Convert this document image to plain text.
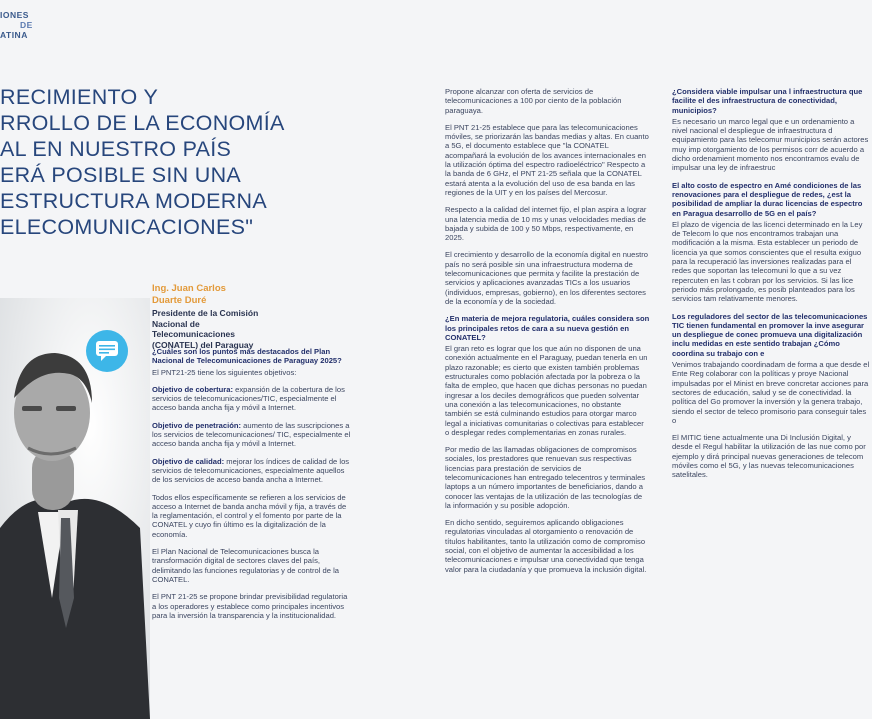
IONES
DE
ATINA
RECIMIENTO Y
RROLLO DE LA ECONOMÍA
AL EN NUESTRO PAÍS
ERÁ POSIBLE SIN UNA
ESTRUCTURA MODERNA
ELECOMUNICACIONES"
Ing. Juan Carlos
Duarte Duré
Presidente de la Comisión Nacional de Telecomunicaciones (CONATEL) del Paraguay

¿Cuáles son los puntos más destacados del Plan Nacional de Telecomunicaciones de Paraguay 2025?

El PNT21-25 tiene los siguientes objetivos:

Objetivo de cobertura: expansión de la cobertura de los servicios de telecomunicaciones/TIC, especialmente el acceso banda ancha fija y móvil a Internet.

Objetivo de penetración: aumento de las suscripciones a los servicios de telecomunicaciones/ TIC, especialmente el acceso banda ancha fija y móvil a Internet.

Objetivo de calidad: mejorar los índices de calidad de los servicios de telecomunicaciones, especialmente aquellos de los servicios de acceso banda ancha a Internet.

Todos ellos específicamente se refieren a los servicios de acceso a Internet de banda ancha móvil y fija, a través de la reglamentación, el control y el fomento por parte de la CONATEL y cuyo fin último es la digitalización de la economía.

El Plan Nacional de Telecomunicaciones busca la transformación digital de sectores claves del país, delimitando las funciones regulatorias y de control de la CONATEL.

El PNT 21-25 se propone brindar previsibilidad regulatoria a los operadores y establece como principales incentivos para la inversión la transparencia y la institucionalidad.

Propone alcanzar con oferta de servicios de telecomunicaciones a 100 por ciento de la población paraguaya.

El PNT 21-25 establece que para las telecomunicaciones móviles, se priorizarán las bandas medias y altas. En cuanto a 5G, el documento establece que "la CONATEL acompañará la evolución de los avances internacionales en la utilización óptima del espectro radioeléctrico" Respecto a la banda de 6 GHz, el PNT 21-25 señala que la CONATEL estará atenta a la evolución del uso de esa banda en las regiones de la UIT y en los países del Mercosur.

Respecto a la calidad del internet fijo, el plan aspira a lograr una latencia media de 10 ms y unas velocidades medias de bajada y subida de 100 y 50 Mbps, respectivamente, en 2025.

El crecimiento y desarrollo de la economía digital en nuestro país no será posible sin una infraestructura moderna de telecomunicaciones que permita y facilite la prestación de servicios y aplicaciones avanzadas TICs a los usuarios (individuos, empresas, gobierno), en los diferentes sectores de la economía y de la sociedad.

¿En materia de mejora regulatoria, cuáles considera son los principales retos de cara a su nueva gestión en CONATEL?

El gran reto es lograr que los que aún no disponen de una conexión actualmente en el Paraguay, puedan tenerla en un plazo razonable; es cierto que existen también problemas estructurales como población afectada por la pobreza o la falta de empleo, que hacen que dichas personas no puedan ingresar a los deciles demográficos que pueden solventar una conexión a las telecomunicaciones, no obstante también se está culminando estudios para otorgar marco legal a iniciativas comunitarias o colectivas para establecer o desplegar redes complementarias en zonas rurales.

Por medio de las llamadas obligaciones de compromisos sociales, los prestadores que renuevan sus respectivas licencias para prestación de servicios de telecomunicaciones han entregado telecentros y terminales laptops a un número importantes de beneficiarios, dando a conocer las ventajas de la utilización de las tecnologías de la información y su posible adopción.

En dicho sentido, seguiremos aplicando obligaciones regulatorias vinculadas al otorgamiento o renovación de títulos habilitantes, tanto la utilización como de compromiso social, con el objetivo de aumentar la accesibilidad a los telecomunicaciones e impulsar una conectividad que tenga valor para la ciudadanía y que promueva la inclusión digital.

¿Considera viable impulsar una l infraestructura que facilite el des infraestructura de conectividad, municipios?

Es necesario un marco legal que e un ordenamiento a nivel nacional el despliegue de infraestructura d equipamiento para las telecomur municipios serán actores muy imp otorgamiento de los permisos corr de acuerdo a dicho ordenamient momento nos encontramos evalu de impulsar una ley de infraestruc

El alto costo de espectro en Amé condiciones de las renovaciones para el despliegue de redes, ¿est la posibilidad de ampliar la durac licencias de espectro en Paragua desarrollo de 5G en el país?

El plazo de vigencia de las licenci determinado en la Ley de Telecom lo que nos encontramos trabajan una modificación a la misma. Esta establecer un periodo de licencia ya que somos conscientes que el resulta exiguo para la recuperació las inversiones realizadas para el redes que soportan las telecomuni lo que a su vez repercuten en las t cobran por los servicios. Si las lice periodo más prolongado, es posib planteados para los servicios tam relativamente menores.

Los reguladores del sector de las telecomunicaciones TIC tienen fundamental en promover la inve asegurar un despliegue de conec promueva una digitalización inclu medidas en este sentido trabajan ¿Cómo coordina su trabajo con e

Venimos trabajando coordinadam de forma a que desde el Ente Reg colaborar con la políticas y proye Nacional impulsadas por el Minist en breve concretar acciones para sectores de educación, salud y se de conectividad. la política del Go promover la inversión y la genera trabajo, siendo el sector de teleco promisorio para conseguir tales o

El MITIC tiene actualmente una Di Inclusión Digital, y desde el Regul habilitar la utilización de las nue como por ejemplo y dirá principal nuevas generaciones de telecom móviles como el 5G, y las nuevas telecomunicaciones satelitales.
